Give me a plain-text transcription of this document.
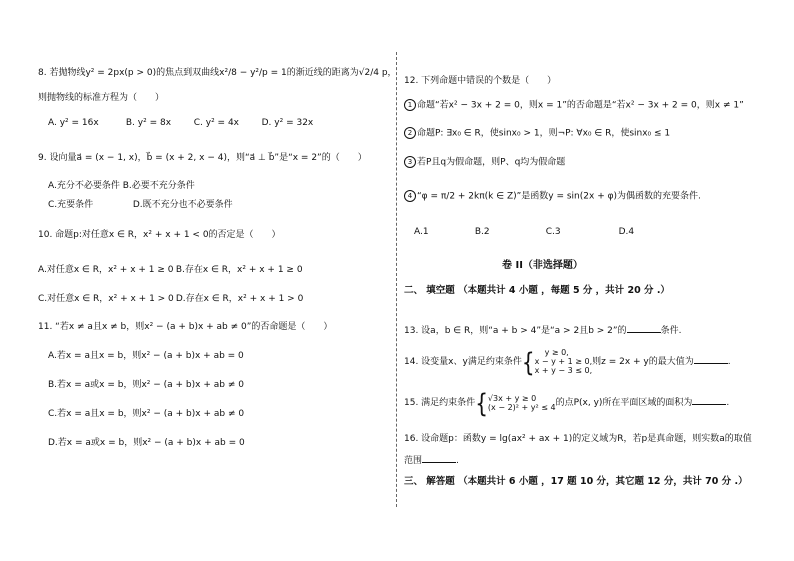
8. 若抛物线y² = 2px(p > 0)的焦点到双曲线x²/8 − y²/p = 1的渐近线的距离为√2/4 p，
则抛物线的标准方程为（　　）
A. y² = 16x	B. y² = 8x	C. y² = 4x	D. y² = 32x
9. 设向量a⃗ = (x − 1, x)，b⃗ = (x + 2, x − 4)，则“a⃗ ⊥ b⃗”是“x = 2”的（　　）
A.充分不必要条件 B.必要不充分条件
C.充要条件	D.既不充分也不必要条件
10. 命题p:对任意x ∈ R，x² + x + 1 < 0的否定是（　　）
A.对任意x ∈ R，x² + x + 1 ≥ 0 B.存在x ∈ R，x² + x + 1 ≥ 0
C.对任意x ∈ R，x² + x + 1 > 0 D.存在x ∈ R，x² + x + 1 > 0
11. “若x ≠ a且x ≠ b，则x² − (a + b)x + ab ≠ 0”的否命题是（　　）
A.若x = a且x = b，则x² − (a + b)x + ab = 0
B.若x = a或x = b，则x² − (a + b)x + ab ≠ 0
C.若x = a且x = b，则x² − (a + b)x + ab ≠ 0
D.若x = a或x = b，则x² − (a + b)x + ab = 0
12. 下列命题中错误的个数是（　　）
1 命题“若x² − 3x + 2 = 0，则x = 1”的否命题是“若x² − 3x + 2 = 0，则x ≠ 1”
2 命题P: ∃x₀ ∈ R，使sinx₀ > 1，则¬P: ∀x₀ ∈ R，使sinx₀ ≤ 1
3 若P且q为假命题，则P、q均为假命题
4 “φ = π/2 + 2kπ(k ∈ Z)”是函数y = sin(2x + φ)为偶函数的充要条件.
A.1	B.2	C.3	D.4
卷 II（非选择题）
二、 填空题 （本题共计 4 小题 ，每题 5 分 ，共计 20 分 .）
13. 设a，b ∈ R，则“a + b > 4”是“a > 2且b > 2”的	条件.
14. 设变量x、y满足约束条件{	y ≥ 0,
x − y + 1 ≥ 0,
x + y − 3 ≤ 0,
则z = 2x + y的最大值为	.
15. 满足约束条件{ √3x + y ≥ 0
(x − 2)² + y² ≤ 4 的点P(x, y)所在平面区域的面积为	.
16. 设命题p：函数y = lg(ax² + ax + 1)的定义域为R，若p是真命题，则实数a的取值
范围	.
三、 解答题 （本题共计 6 小题 ，17 题 10 分，其它题 12 分，共计 70 分 .）
